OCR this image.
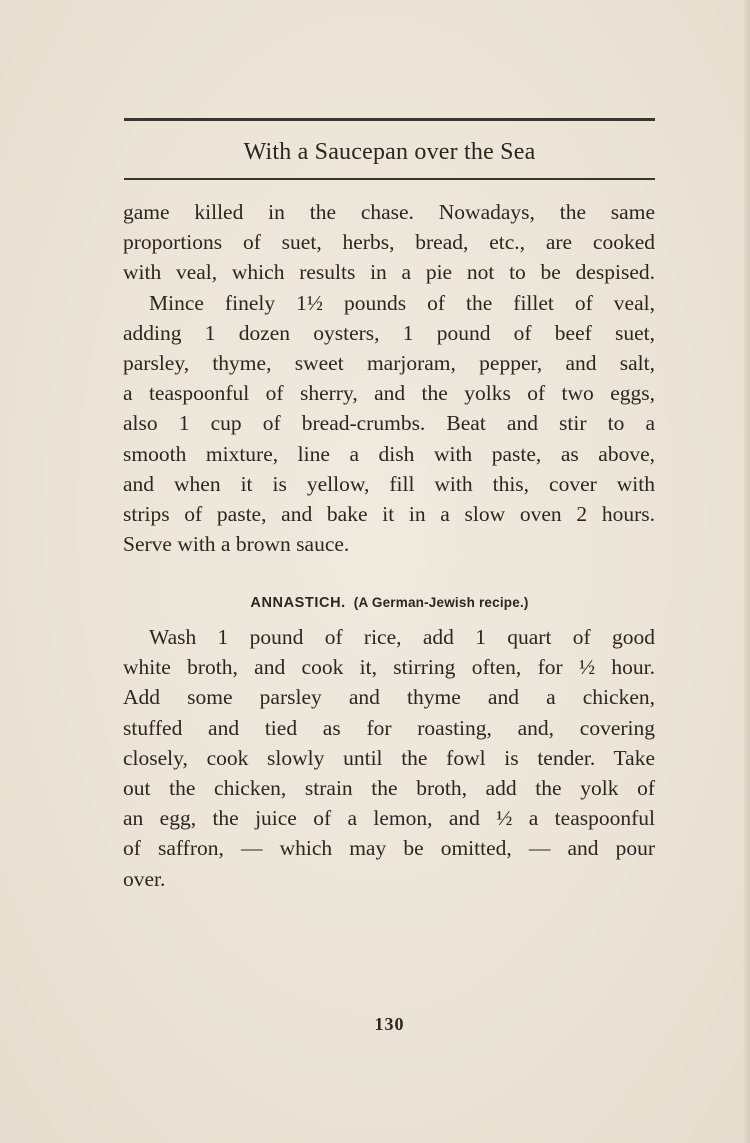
With a Saucepan over the Sea
game killed in the chase. Nowadays, the same
proportions of suet, herbs, bread, etc., are cooked
with veal, which results in a pie not to be despised.
Mince finely 1½ pounds of the fillet of veal,
adding 1 dozen oysters, 1 pound of beef suet,
parsley, thyme, sweet marjoram, pepper, and salt,
a teaspoonful of sherry, and the yolks of two eggs,
also 1 cup of bread-crumbs. Beat and stir to a
smooth mixture, line a dish with paste, as above,
and when it is yellow, fill with this, cover with
strips of paste, and bake it in a slow oven 2 hours.
Serve with a brown sauce.
ANNASTICH. (A German-Jewish recipe.)
Wash 1 pound of rice, add 1 quart of good
white broth, and cook it, stirring often, for ½ hour.
Add some parsley and thyme and a chicken,
stuffed and tied as for roasting, and, covering
closely, cook slowly until the fowl is tender. Take
out the chicken, strain the broth, add the yolk of
an egg, the juice of a lemon, and ½ a teaspoonful
of saffron, — which may be omitted, — and pour
over.
130
